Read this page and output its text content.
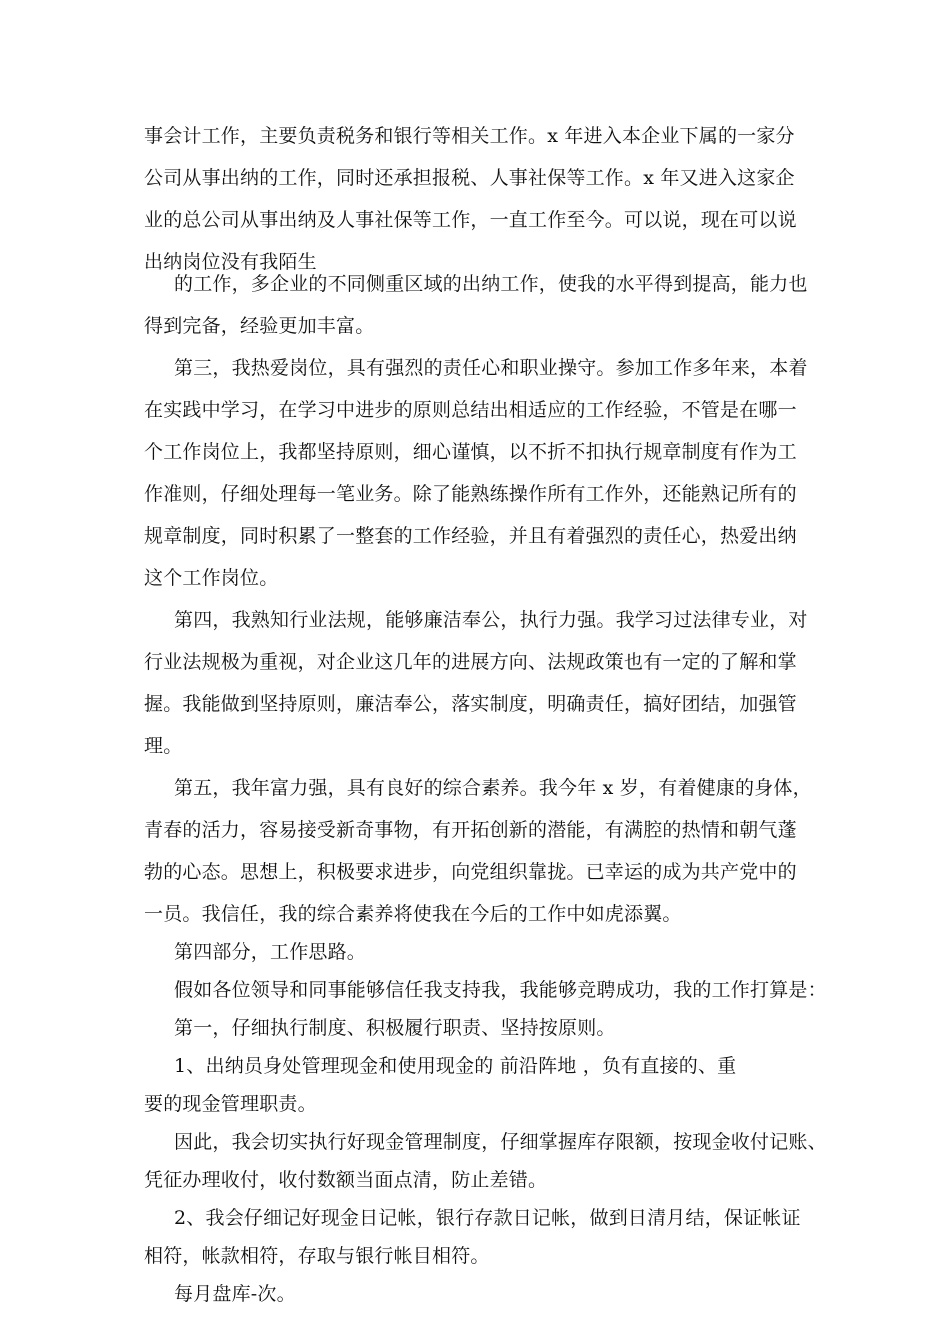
事会计工作，主要负责税务和银行等相关工作。x 年进入本企业下属的一家分
公司从事出纳的工作，同时还承担报税、人事社保等工作。x 年又进入这家企
业的总公司从事出纳及人事社保等工作，一直工作至今。可以说，现在可以说
出纳岗位没有我陌生
的工作，多企业的不同侧重区域的出纳工作，使我的水平得到提高，能力也
得到完备，经验更加丰富。
第三，我热爱岗位，具有强烈的责任心和职业操守。参加工作多年来，本着
在实践中学习，在学习中进步的原则总结出相适应的工作经验，不管是在哪一
个工作岗位上，我都坚持原则，细心谨慎，以不折不扣执行规章制度有作为工
作准则，仔细处理每一笔业务。除了能熟练操作所有工作外，还能熟记所有的
规章制度，同时积累了一整套的工作经验，并且有着强烈的责任心，热爱出纳
这个工作岗位。
第四，我熟知行业法规，能够廉洁奉公，执行力强。我学习过法律专业，对
行业法规极为重视，对企业这几年的进展方向、法规政策也有一定的了解和掌
握。我能做到坚持原则，廉洁奉公，落实制度，明确责任，搞好团结，加强管
理。
第五，我年富力强，具有良好的综合素养。我今年 x 岁，有着健康的身体，
青春的活力，容易接受新奇事物，有开拓创新的潜能，有满腔的热情和朝气蓬
勃的心态。思想上，积极要求进步，向党组织靠拢。已幸运的成为共产党中的
一员。我信任，我的综合素养将使我在今后的工作中如虎添翼。
第四部分，工作思路。
假如各位领导和同事能够信任我支持我，我能够竞聘成功，我的工作打算是：
第一，仔细执行制度、积极履行职责、坚持按原则。
1、出纳员身处管理现金和使用现金的 前沿阵地 ，负有直接的、重
要的现金管理职责。
因此，我会切实执行好现金管理制度，仔细掌握库存限额，按现金收付记账、
凭征办理收付，收付数额当面点清，防止差错。
2、我会仔细记好现金日记帐，银行存款日记帐，做到日清月结，保证帐证
相符，帐款相符，存取与银行帐目相符。
每月盘库-次。
